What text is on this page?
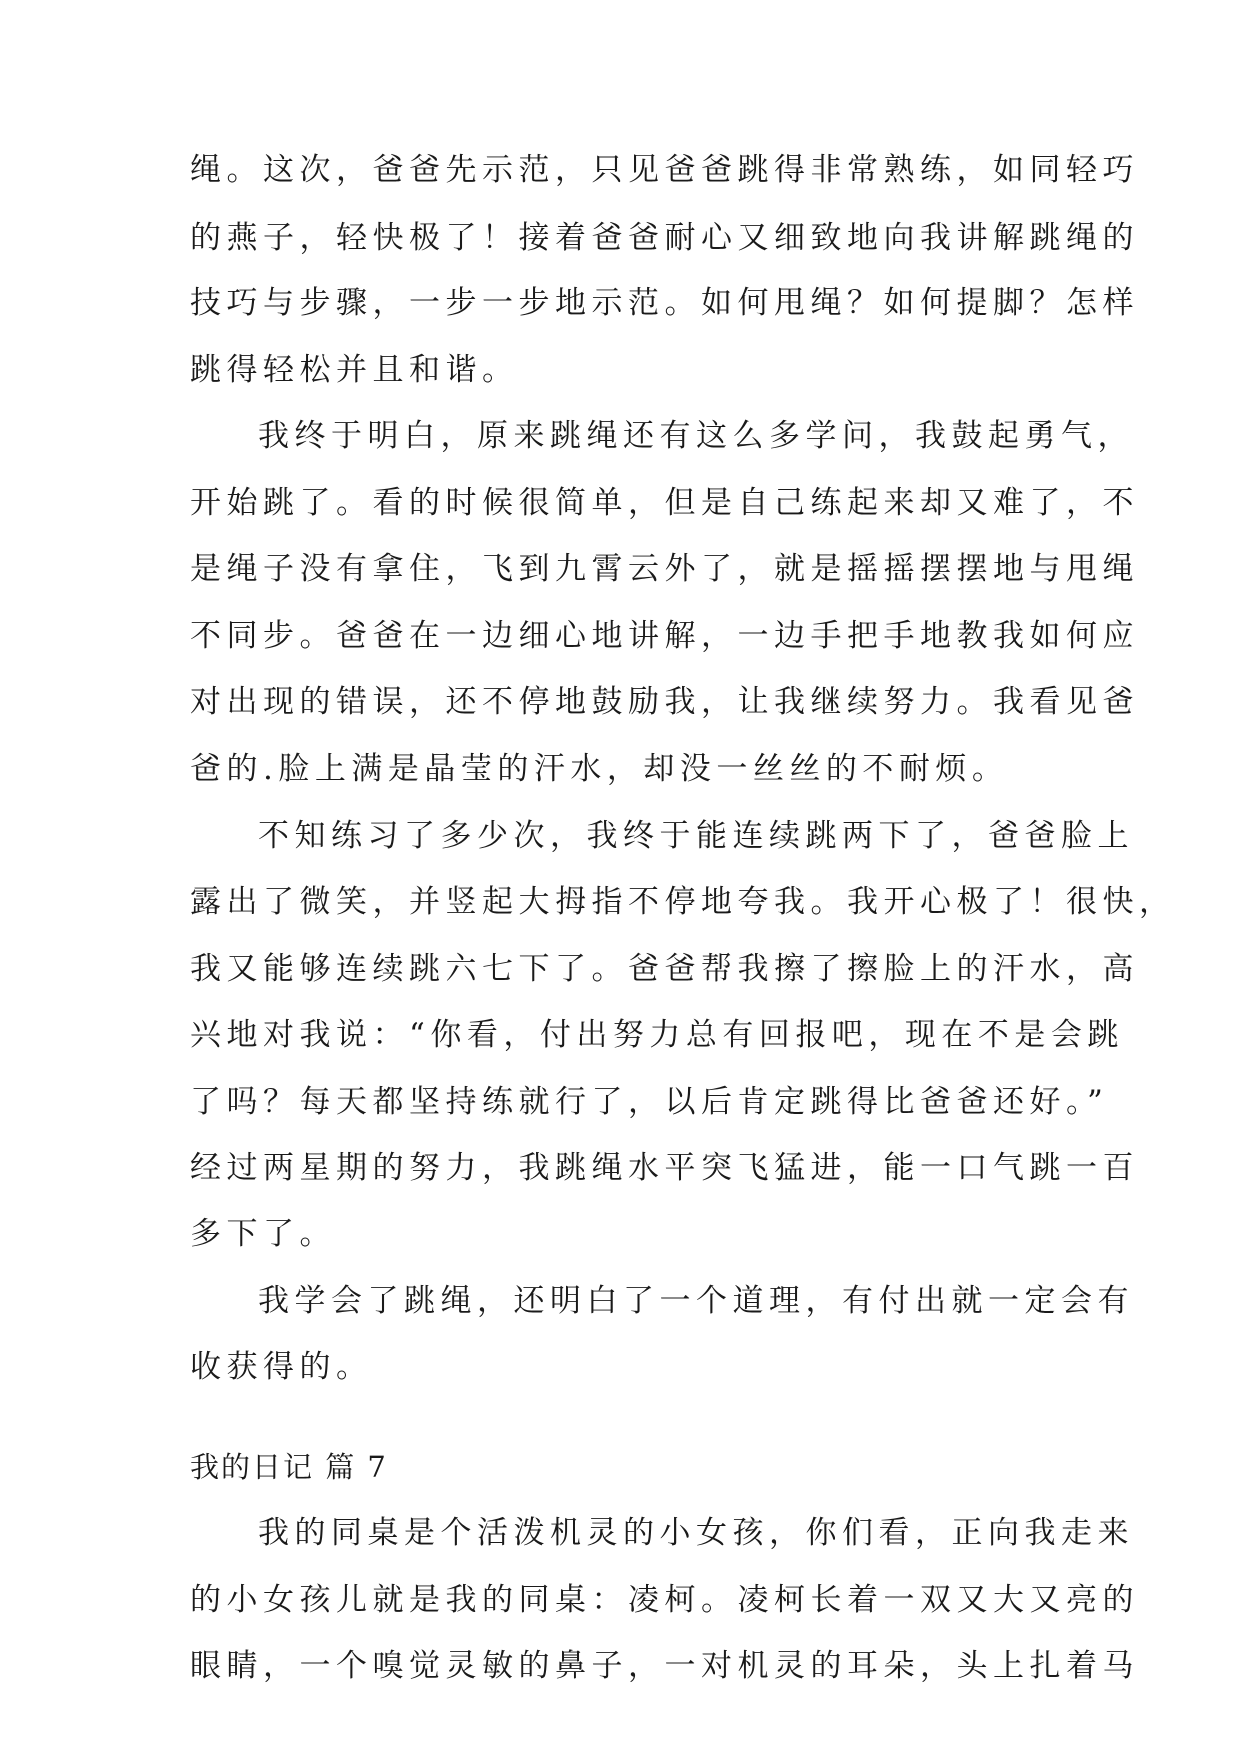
绳。这次，爸爸先示范，只见爸爸跳得非常熟练，如同轻巧
的燕子，轻快极了！接着爸爸耐心又细致地向我讲解跳绳的
技巧与步骤，一步一步地示范。如何甩绳？如何提脚？怎样
跳得轻松并且和谐。
我终于明白，原来跳绳还有这么多学问，我鼓起勇气，
开始跳了。看的时候很简单，但是自己练起来却又难了，不
是绳子没有拿住，飞到九霄云外了，就是摇摇摆摆地与甩绳
不同步。爸爸在一边细心地讲解，一边手把手地教我如何应
对出现的错误，还不停地鼓励我，让我继续努力。我看见爸
爸的.脸上满是晶莹的汗水，却没一丝丝的不耐烦。
不知练习了多少次，我终于能连续跳两下了，爸爸脸上
露出了微笑，并竖起大拇指不停地夸我。我开心极了！很快，
我又能够连续跳六七下了。爸爸帮我擦了擦脸上的汗水，高
兴地对我说：“你看，付出努力总有回报吧，现在不是会跳
了吗？每天都坚持练就行了，以后肯定跳得比爸爸还好。”
经过两星期的努力，我跳绳水平突飞猛进，能一口气跳一百
多下了。
我学会了跳绳，还明白了一个道理，有付出就一定会有
收获得的。
我的日记 篇 7
我的同桌是个活泼机灵的小女孩，你们看，正向我走来
的小女孩儿就是我的同桌：凌柯。凌柯长着一双又大又亮的
眼睛，一个嗅觉灵敏的鼻子，一对机灵的耳朵，头上扎着马
